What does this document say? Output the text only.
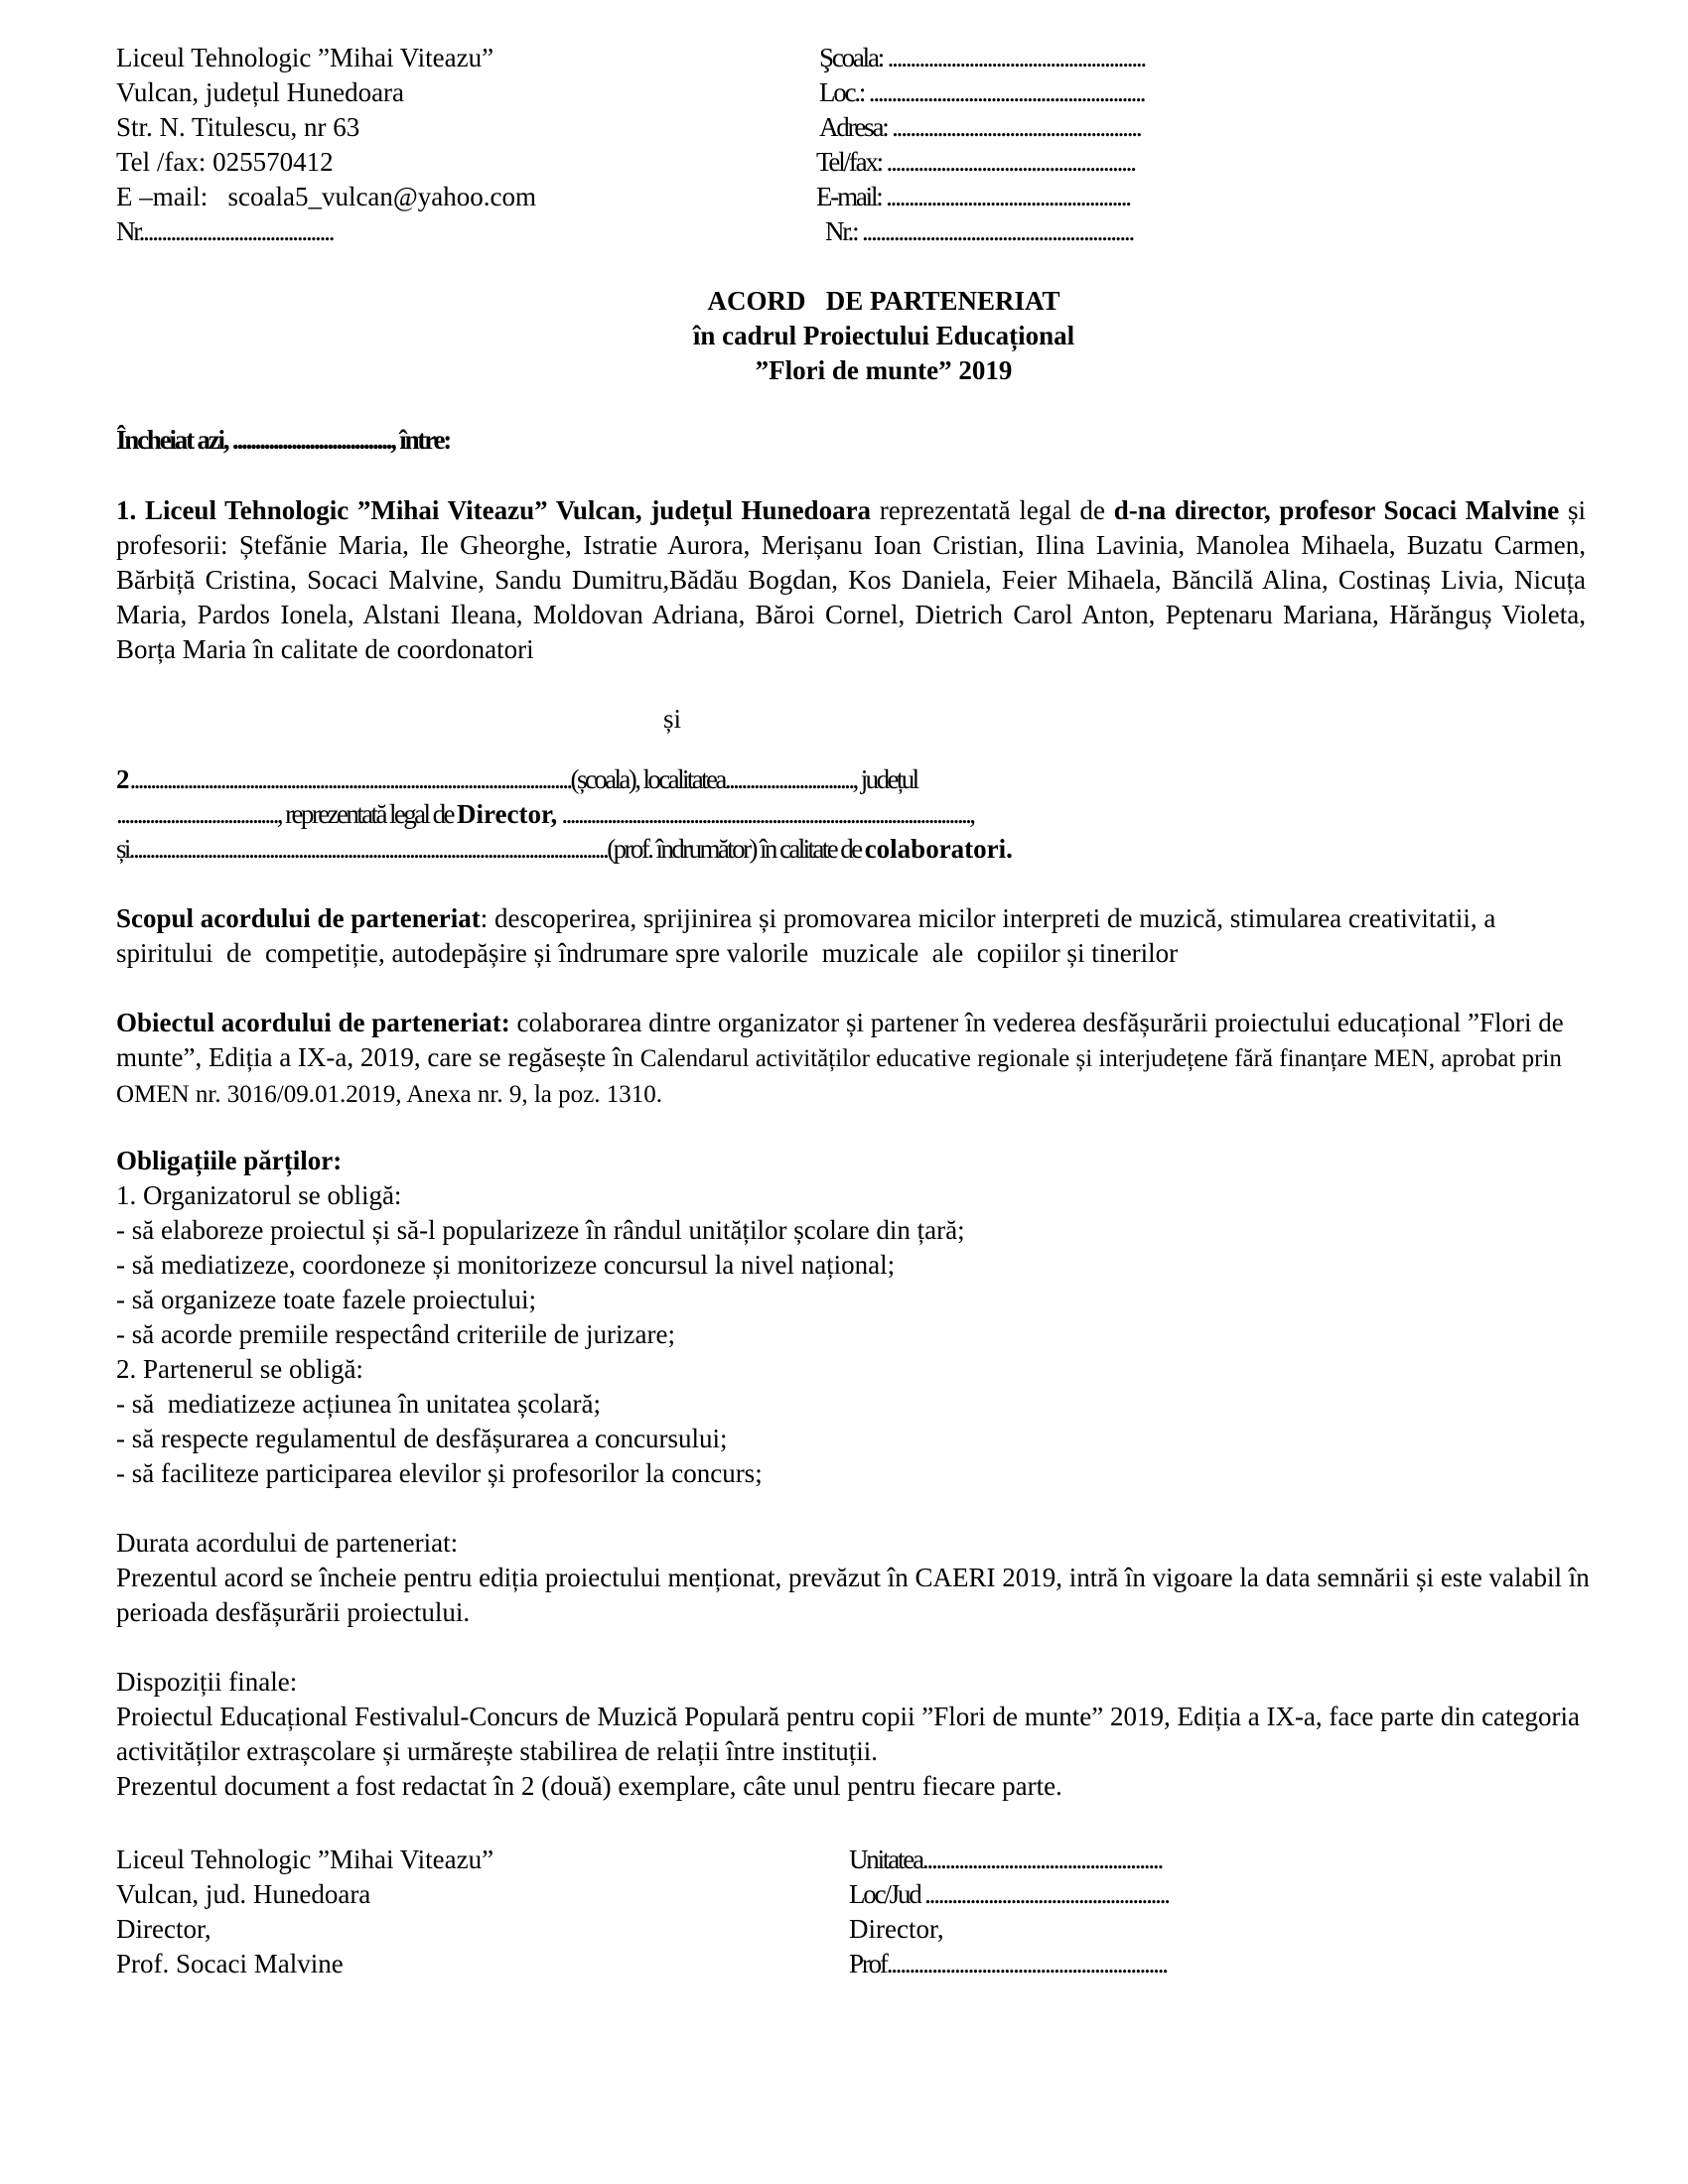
Liceul Tehnologic ”Mihai Viteazu”
Vulcan, județul Hunedoara
Str. N. Titulescu, nr 63
Tel /fax: 025570412
E –mail:   scoala5_vulcan@yahoo.com
Nr...........................................
Şcoala: .........................................................
Loc.: .............................................................
Adresa: .......................................................
Tel/fax: .......................................................
E-mail: ......................................................
Nr.: ............................................................
ACORD   DE PARTENERIAT
în cadrul Proiectului Educațional
”Flori de munte” 2019
Încheiat azi, ..................................., între:
1. Liceul Tehnologic ”Mihai Viteazu” Vulcan, județul Hunedoara reprezentată legal de d-na director, profesor Socaci Malvine și profesorii: Ștefănie Maria, Ile Gheorghe, Istratie Aurora, Merișanu Ioan Cristian, Ilina Lavinia, Manolea Mihaela, Buzatu Carmen, Bărbiță Cristina, Socaci Malvine, Sandu Dumitru,Bădău Bogdan, Kos Daniela, Feier Mihaela, Băncilă Alina, Costinaș Livia, Nicuța Maria, Pardos Ionela, Alstani Ileana, Moldovan Adriana, Băroi Cornel, Dietrich Carol Anton, Peptenaru Mariana, Hărănguș Violeta, Borța Maria în calitate de coordonatori
și
2...........................................................................................................(școala), localitatea..............................., județul
......................................., reprezentată legal de Director, ...................................................................................................,
și....................................................................................................................(prof. îndrumător) în calitate de colaboratori.
Scopul acordului de parteneriat: descoperirea, sprijinirea și promovarea micilor interpreti de muzică, stimularea creativitatii, a  spiritului  de  competiție, autodepășire și îndrumare spre valorile  muzicale  ale  copiilor și tinerilor
Obiectul acordului de parteneriat: colaborarea dintre organizator și partener în vederea desfășurării proiectului educațional ”Flori de munte”, Ediția a IX-a, 2019, care se regăsește în Calendarul activităților educative regionale și interjudețene fără finanțare MEN, aprobat prin OMEN nr. 3016/09.01.2019, Anexa nr. 9, la poz. 1310.
Obligațiile părților:
1. Organizatorul se obligă:
- să elaboreze proiectul și să-l popularizeze în rândul unităților școlare din țară;
- să mediatizeze, coordoneze și monitorizeze concursul la nivel național;
- să organizeze toate fazele proiectului;
- să acorde premiile respectând criteriile de jurizare;
2. Partenerul se obligă:
- să  mediatizeze acțiunea în unitatea școlară;
- să respecte regulamentul de desfășurarea a concursului;
- să faciliteze participarea elevilor și profesorilor la concurs;
Durata acordului de parteneriat:
Prezentul acord se încheie pentru ediția proiectului menționat, prevăzut în CAERI 2019, intră în vigoare la data semnării și este valabil în perioada desfășurării proiectului.
Dispoziții finale:
Proiectul Educațional Festivalul-Concurs de Muzică Populară pentru copii ”Flori de munte” 2019, Ediția a IX-a, face parte din categoria activităților extrașcolare și urmărește stabilirea de relații între instituții.
Prezentul document a fost redactat în 2 (două) exemplare, câte unul pentru fiecare parte.
Liceul Tehnologic ”Mihai Viteazu”
Vulcan, jud. Hunedoara
Director,
Prof. Socaci Malvine
Unitatea.....................................................
Loc/Jud ......................................................
Director,
Prof..............................................................
